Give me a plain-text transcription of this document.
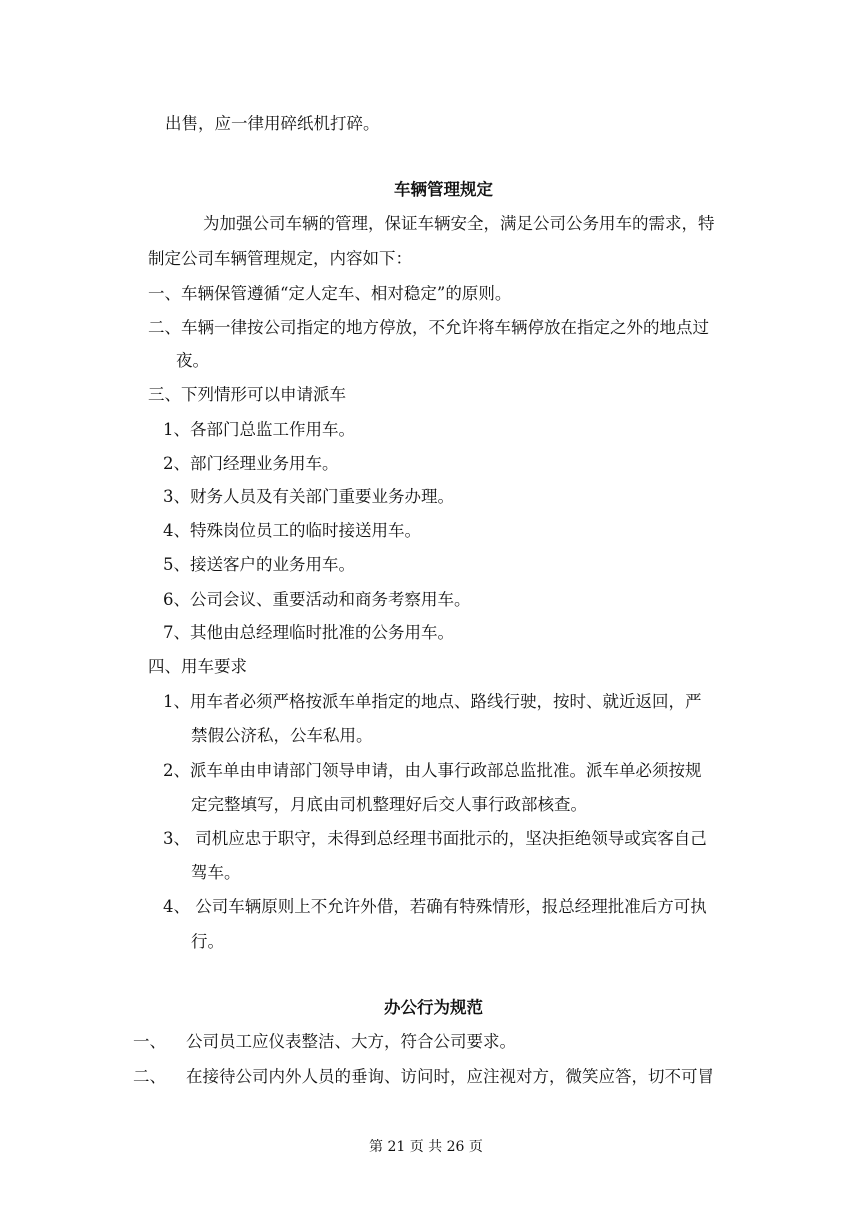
出售，应一律用碎纸机打碎。
车辆管理规定
为加强公司车辆的管理，保证车辆安全，满足公司公务用车的需求，特
制定公司车辆管理规定，内容如下：
一、车辆保管遵循“定人定车、相对稳定”的原则。
二、车辆一律按公司指定的地方停放，不允许将车辆停放在指定之外的地点过
夜。
三、下列情形可以申请派车
1、各部门总监工作用车。
2、部门经理业务用车。
3、财务人员及有关部门重要业务办理。
4、特殊岗位员工的临时接送用车。
5、接送客户的业务用车。
6、公司会议、重要活动和商务考察用车。
7、其他由总经理临时批准的公务用车。
四、用车要求
1、用车者必须严格按派车单指定的地点、路线行驶，按时、就近返回，严
禁假公济私，公车私用。
2、派车单由申请部门领导申请，由人事行政部总监批准。派车单必须按规
定完整填写，月底由司机整理好后交人事行政部核查。
3、 司机应忠于职守，未得到总经理书面批示的，坚决拒绝领导或宾客自己
驾车。
4、 公司车辆原则上不允许外借，若确有特殊情形，报总经理批准后方可执
行。
办公行为规范
一、 公司员工应仪表整洁、大方，符合公司要求。
二、 在接待公司内外人员的垂询、访问时，应注视对方，微笑应答，切不可冒
第 21 页 共 26 页
